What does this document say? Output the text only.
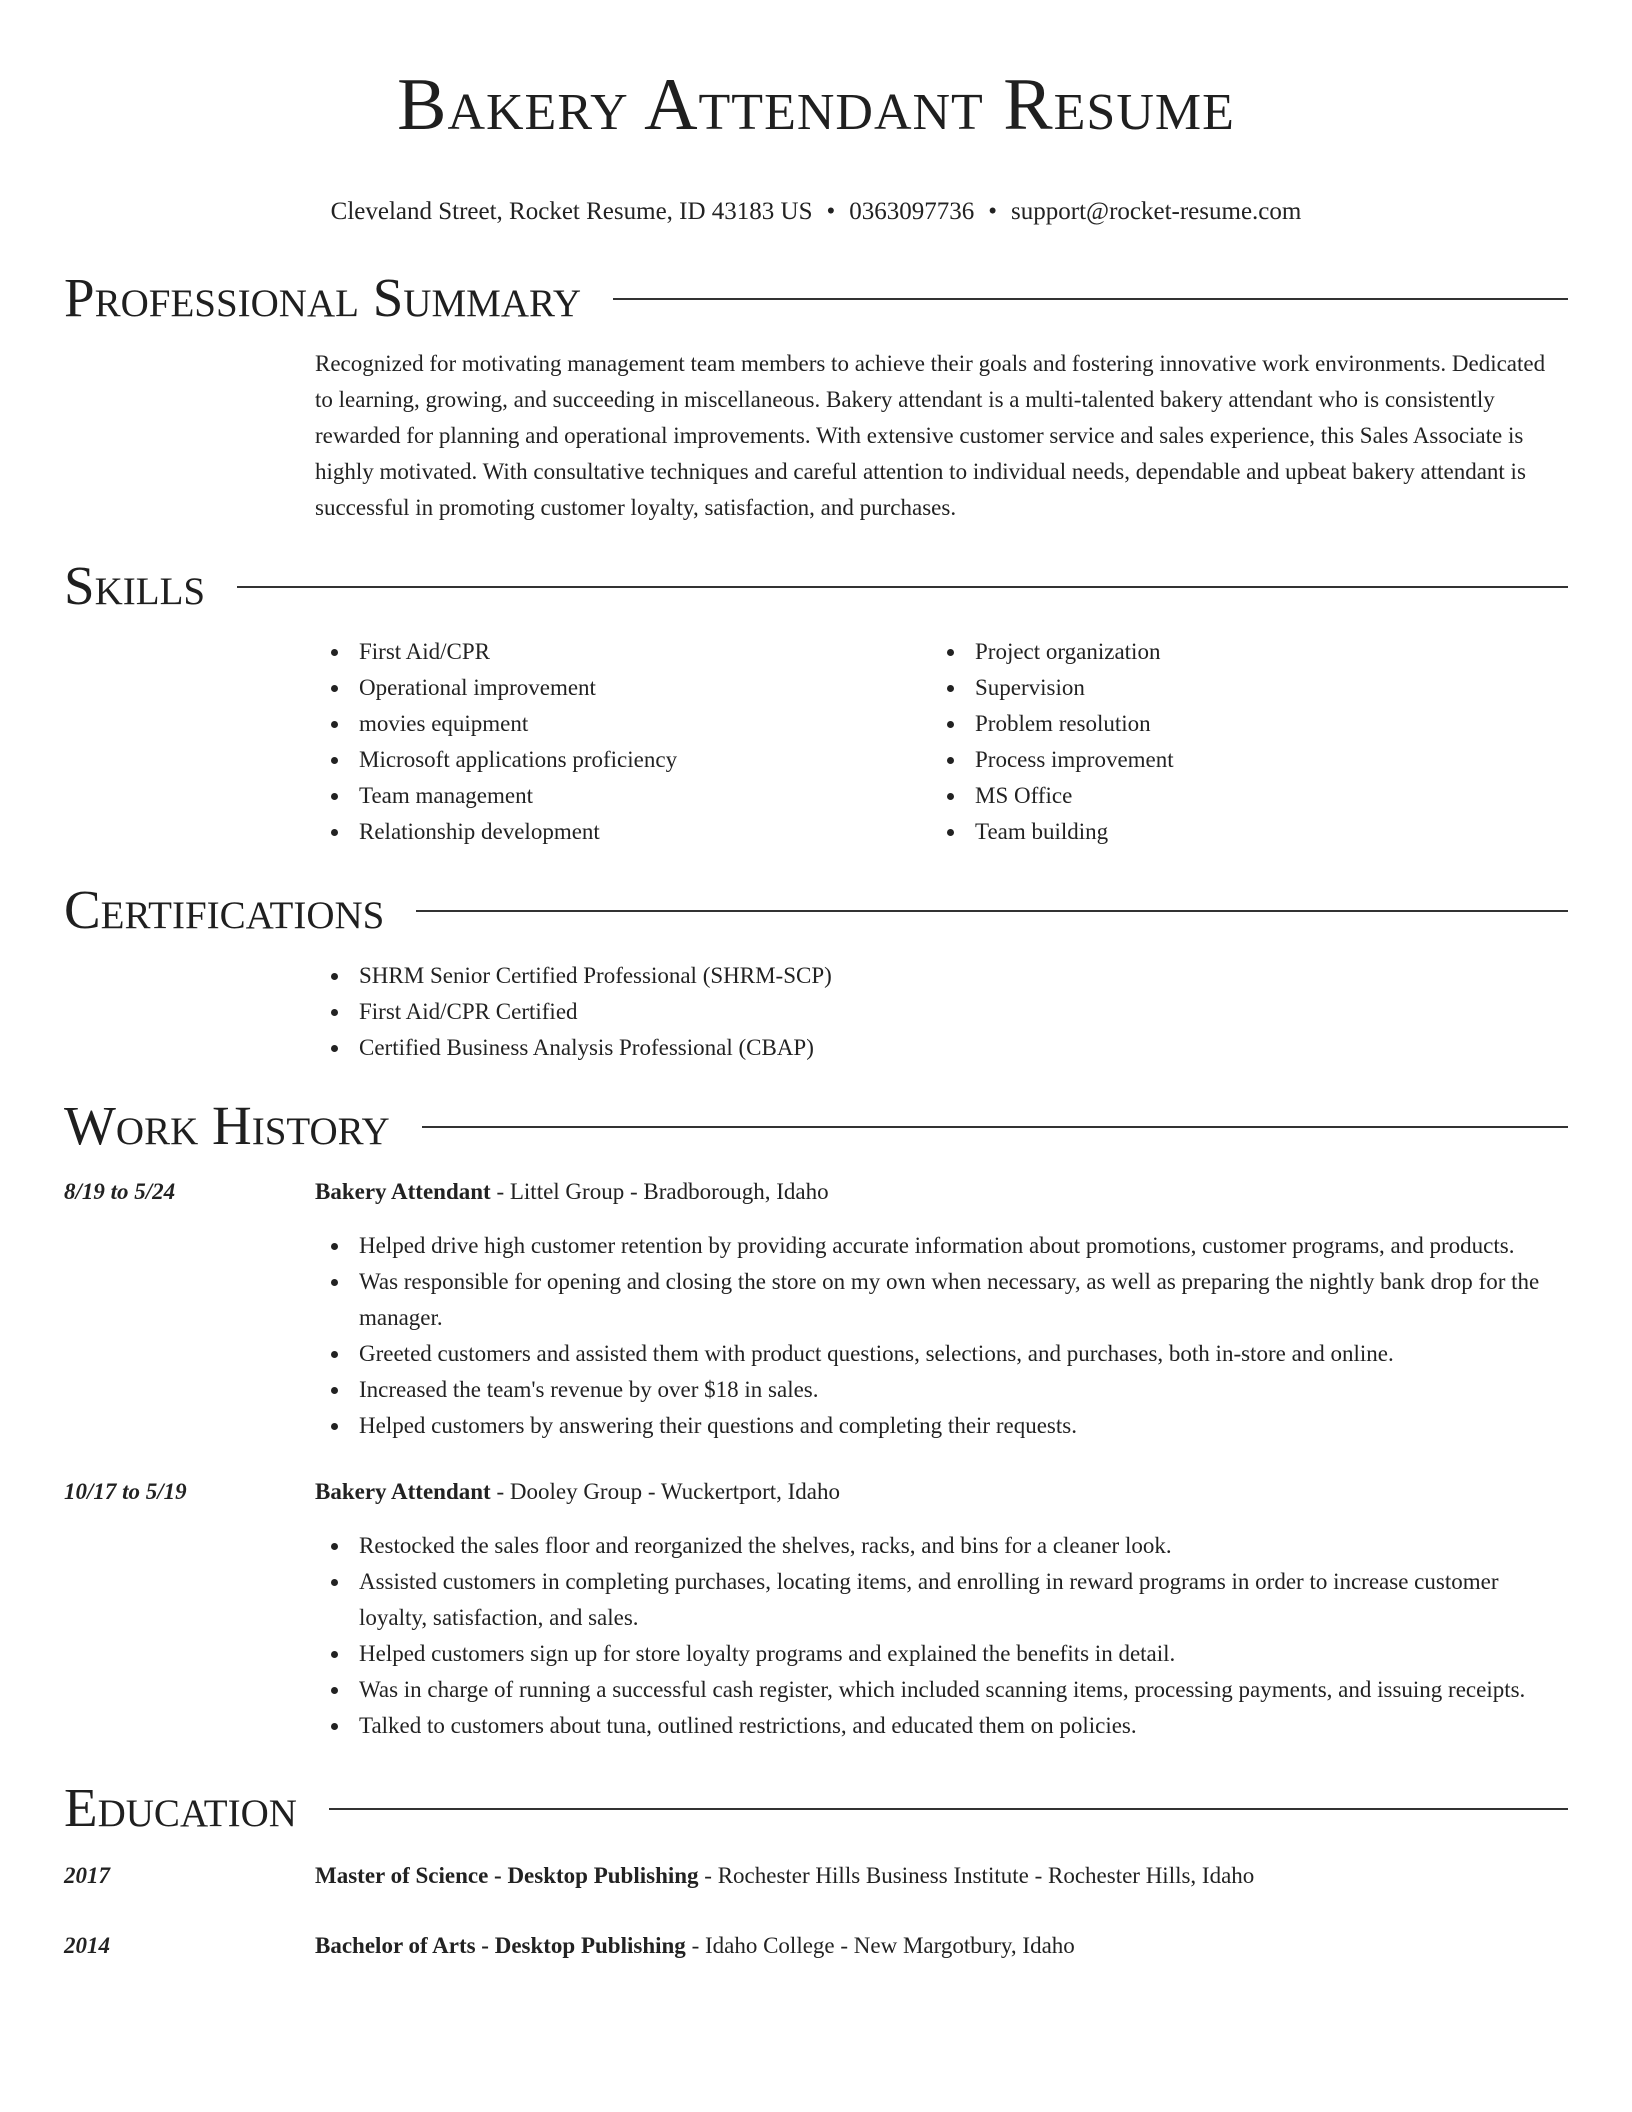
Bakery Attendant Resume
Cleveland Street, Rocket Resume, ID 43183 US • 0363097736 • support@rocket-resume.com
Professional Summary
Recognized for motivating management team members to achieve their goals and fostering innovative work environments. Dedicated to learning, growing, and succeeding in miscellaneous. Bakery attendant is a multi-talented bakery attendant who is consistently rewarded for planning and operational improvements. With extensive customer service and sales experience, this Sales Associate is highly motivated. With consultative techniques and careful attention to individual needs, dependable and upbeat bakery attendant is successful in promoting customer loyalty, satisfaction, and purchases.
Skills
First Aid/CPR
Operational improvement
movies equipment
Microsoft applications proficiency
Team management
Relationship development
Project organization
Supervision
Problem resolution
Process improvement
MS Office
Team building
Certifications
SHRM Senior Certified Professional (SHRM-SCP)
First Aid/CPR Certified
Certified Business Analysis Professional (CBAP)
Work History
8/19 to 5/24	Bakery Attendant - Littel Group - Bradborough, Idaho
Helped drive high customer retention by providing accurate information about promotions, customer programs, and products.
Was responsible for opening and closing the store on my own when necessary, as well as preparing the nightly bank drop for the manager.
Greeted customers and assisted them with product questions, selections, and purchases, both in-store and online.
Increased the team's revenue by over $18 in sales.
Helped customers by answering their questions and completing their requests.
10/17 to 5/19	Bakery Attendant - Dooley Group - Wuckertport, Idaho
Restocked the sales floor and reorganized the shelves, racks, and bins for a cleaner look.
Assisted customers in completing purchases, locating items, and enrolling in reward programs in order to increase customer loyalty, satisfaction, and sales.
Helped customers sign up for store loyalty programs and explained the benefits in detail.
Was in charge of running a successful cash register, which included scanning items, processing payments, and issuing receipts.
Talked to customers about tuna, outlined restrictions, and educated them on policies.
Education
2017	Master of Science - Desktop Publishing - Rochester Hills Business Institute - Rochester Hills, Idaho
2014	Bachelor of Arts - Desktop Publishing - Idaho College - New Margotbury, Idaho
